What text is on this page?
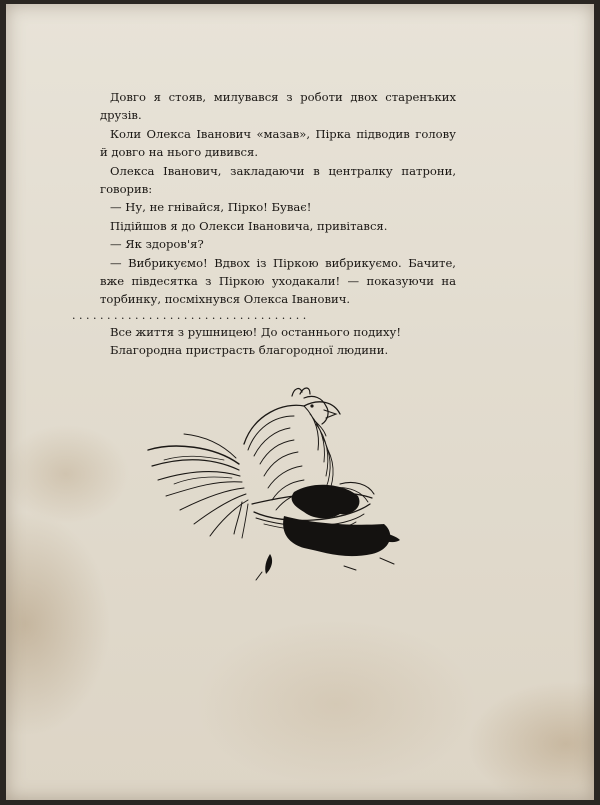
Довго я стояв, милувався з роботи двох старенъких друзів.

Коли Олекса Іванович «мазав», Пірка підводив голову й довго на нього дивився.

Олекса Іванович, закладаючи в централку патрони, говорив:

— Ну, не гнівайся, Пірко! Буває!

Підійшов я до Олекси Івановича, привітався.

— Як здоров'я?

— Вибрикуємо! Вдвох із Піркою вибрикуємо. Бачите, вже півдесятка з Піркою уходакали! — показуючи на торбинку, посміхнувся Олекса Іванович.

. . . . . . . . . . . . . . . . . . . . . . . . . . . . . . . . . .

Все життя з рушницею! До останнього подиху!

Благородна пристрасть благородної людини.
